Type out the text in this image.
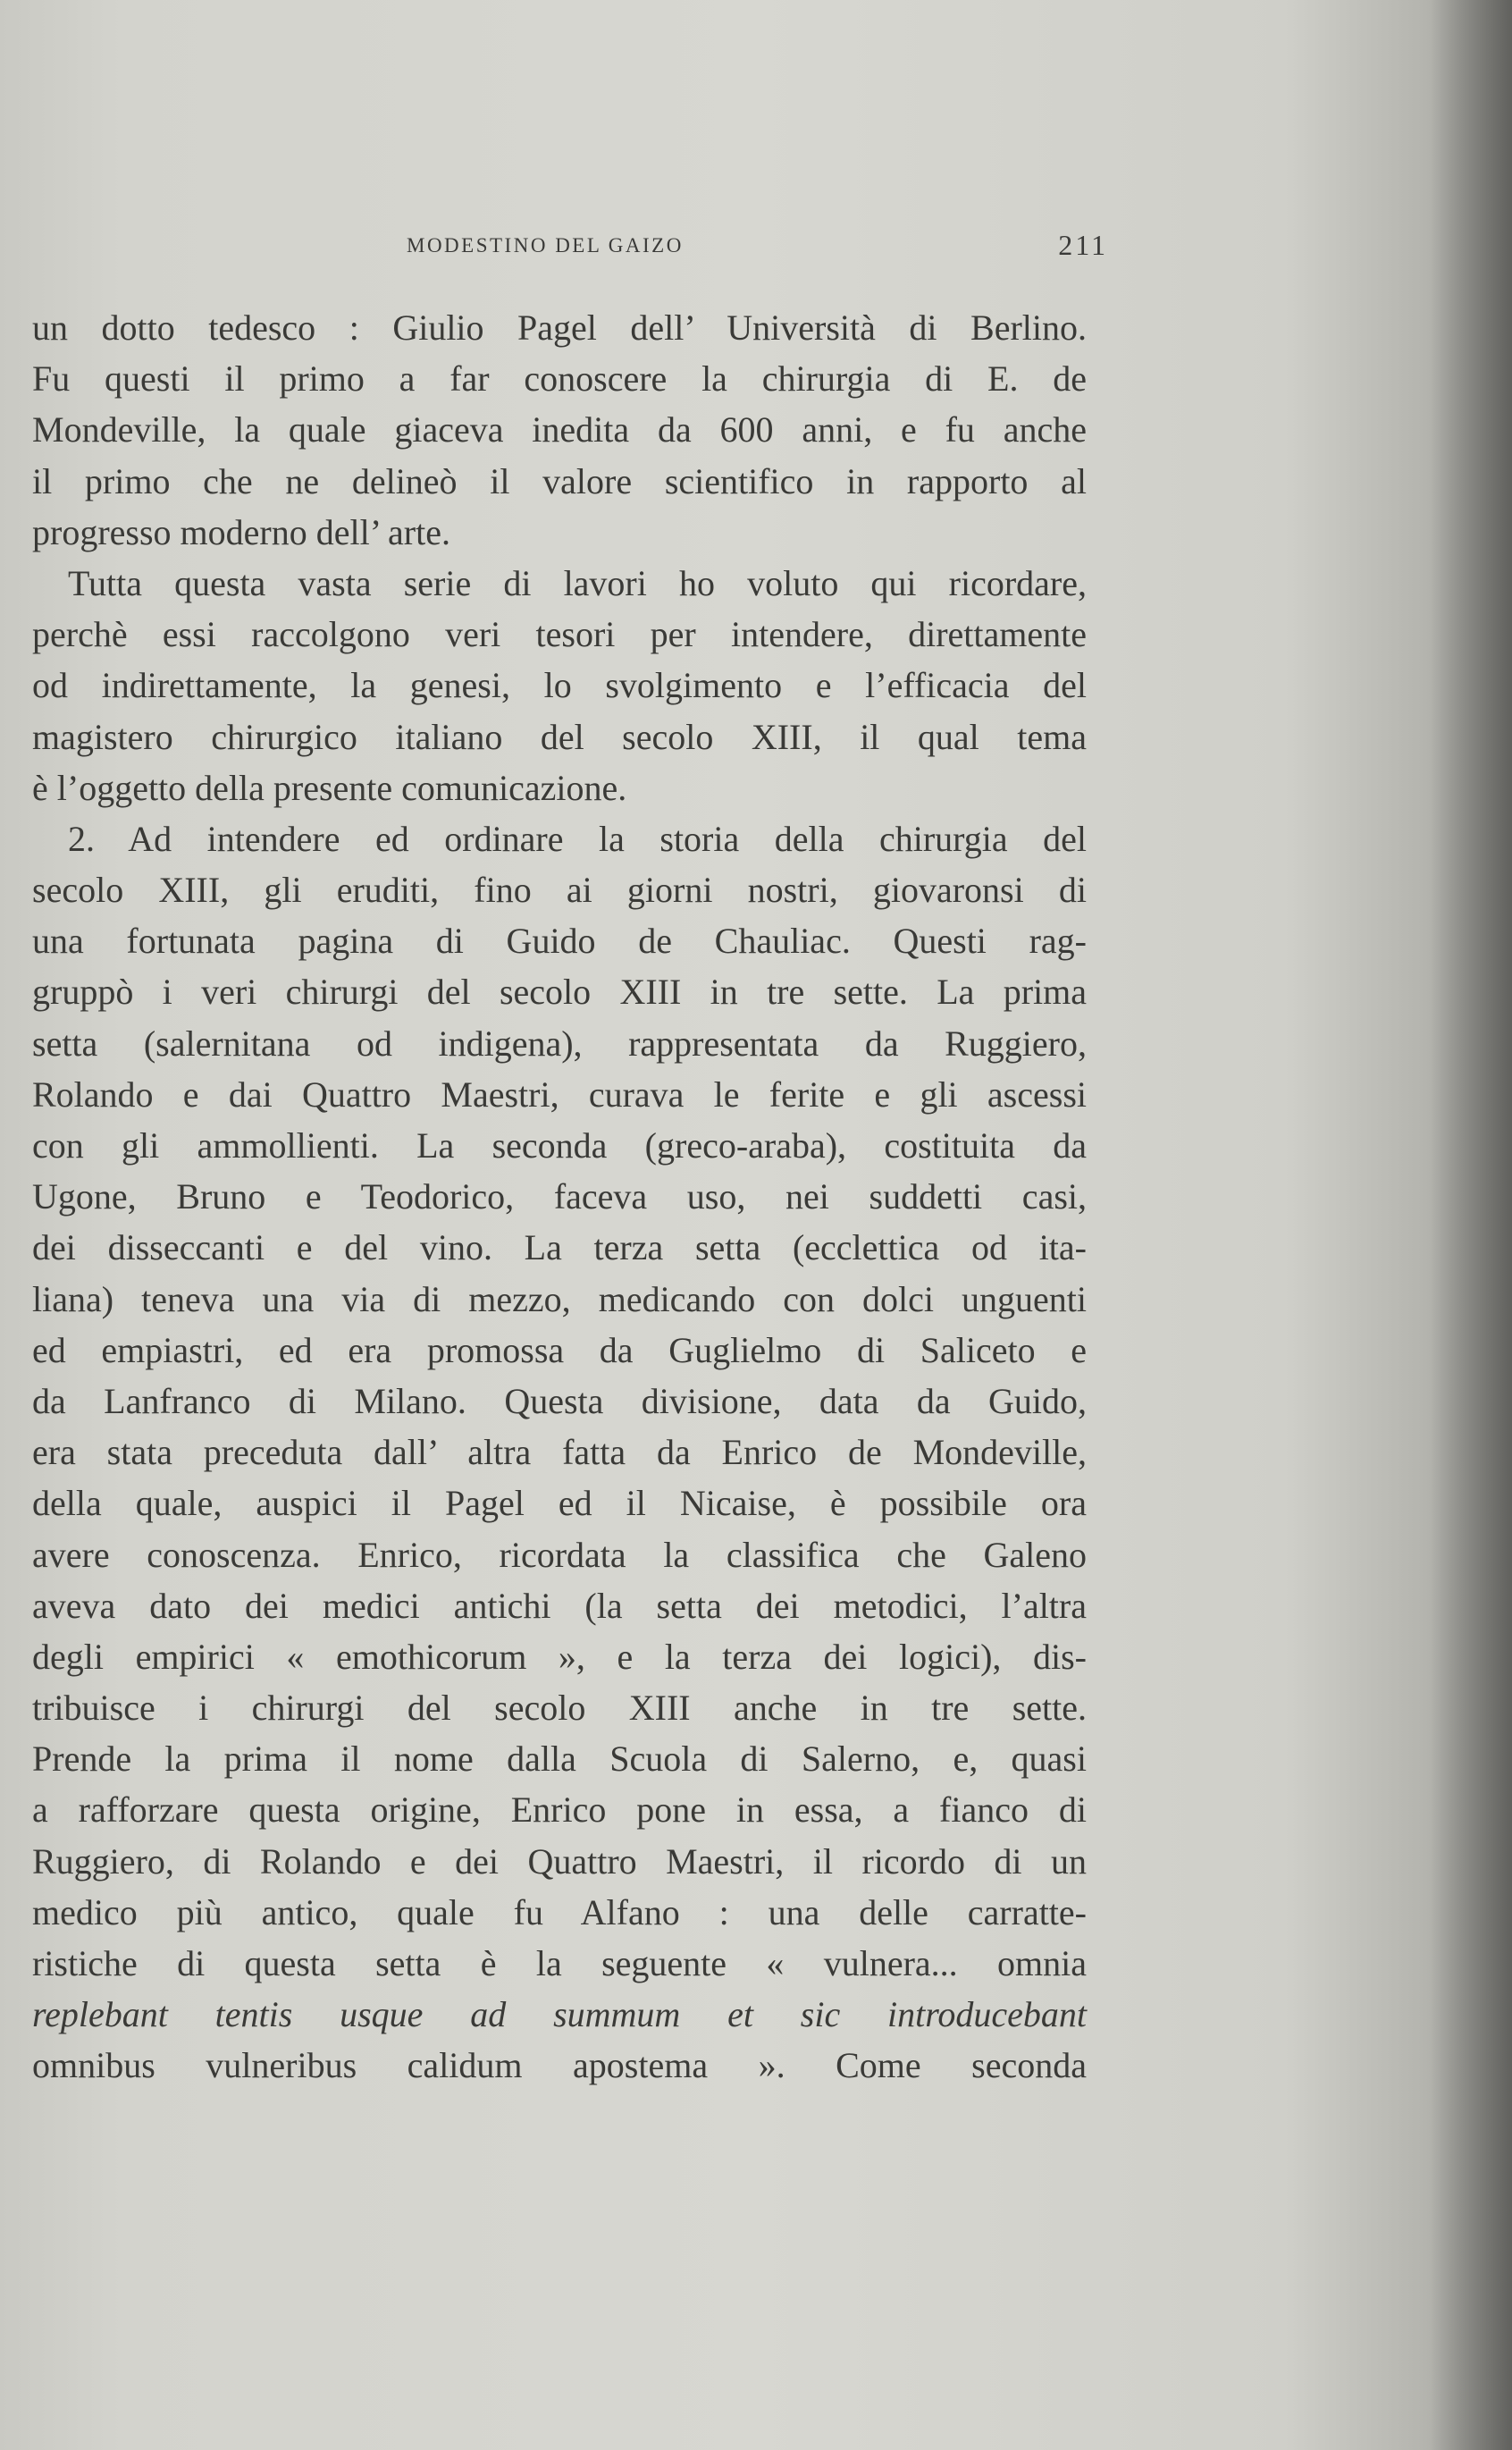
MODESTINO DEL GAIZO	211
un dotto tedesco : Giulio Pagel dell’ Università di Berlino.
Fu questi il primo a far conoscere la chirurgia di E. de
Mondeville, la quale giaceva inedita da 600 anni, e fu anche
il primo che ne delineò il valore scientifico in rapporto al
progresso moderno dell’ arte.
Tutta questa vasta serie di lavori ho voluto qui ricordare,
perchè essi raccolgono veri tesori per intendere, direttamente
od indirettamente, la genesi, lo svolgimento e l’efficacia del
magistero chirurgico italiano del secolo XIII, il qual tema
è l’oggetto della presente comunicazione.
2. Ad intendere ed ordinare la storia della chirurgia del
secolo XIII, gli eruditi, fino ai giorni nostri, giovaronsi di
una fortunata pagina di Guido de Chauliac. Questi rag-
gruppò i veri chirurgi del secolo XIII in tre sette. La prima
setta (salernitana od indigena), rappresentata da Ruggiero,
Rolando e dai Quattro Maestri, curava le ferite e gli ascessi
con gli ammollienti. La seconda (greco-araba), costituita da
Ugone, Bruno e Teodorico, faceva uso, nei suddetti casi,
dei disseccanti e del vino. La terza setta (ecclettica od ita-
liana) teneva una via di mezzo, medicando con dolci unguenti
ed empiastri, ed era promossa da Guglielmo di Saliceto e
da Lanfranco di Milano. Questa divisione, data da Guido,
era stata preceduta dall’ altra fatta da Enrico de Mondeville,
della quale, auspici il Pagel ed il Nicaise, è possibile ora
avere conoscenza. Enrico, ricordata la classifica che Galeno
aveva dato dei medici antichi (la setta dei metodici, l’altra
degli empirici « emothicorum », e la terza dei logici), dis-
tribuisce i chirurgi del secolo XIII anche in tre sette.
Prende la prima il nome dalla Scuola di Salerno, e, quasi
a rafforzare questa origine, Enrico pone in essa, a fianco di
Ruggiero, di Rolando e dei Quattro Maestri, il ricordo di un
medico più antico, quale fu Alfano : una delle carratte-
ristiche di questa setta è la seguente « vulnera... omnia
replebant tentis usque ad summum et sic introducebant
omnibus vulneribus calidum apostema ». Come seconda
